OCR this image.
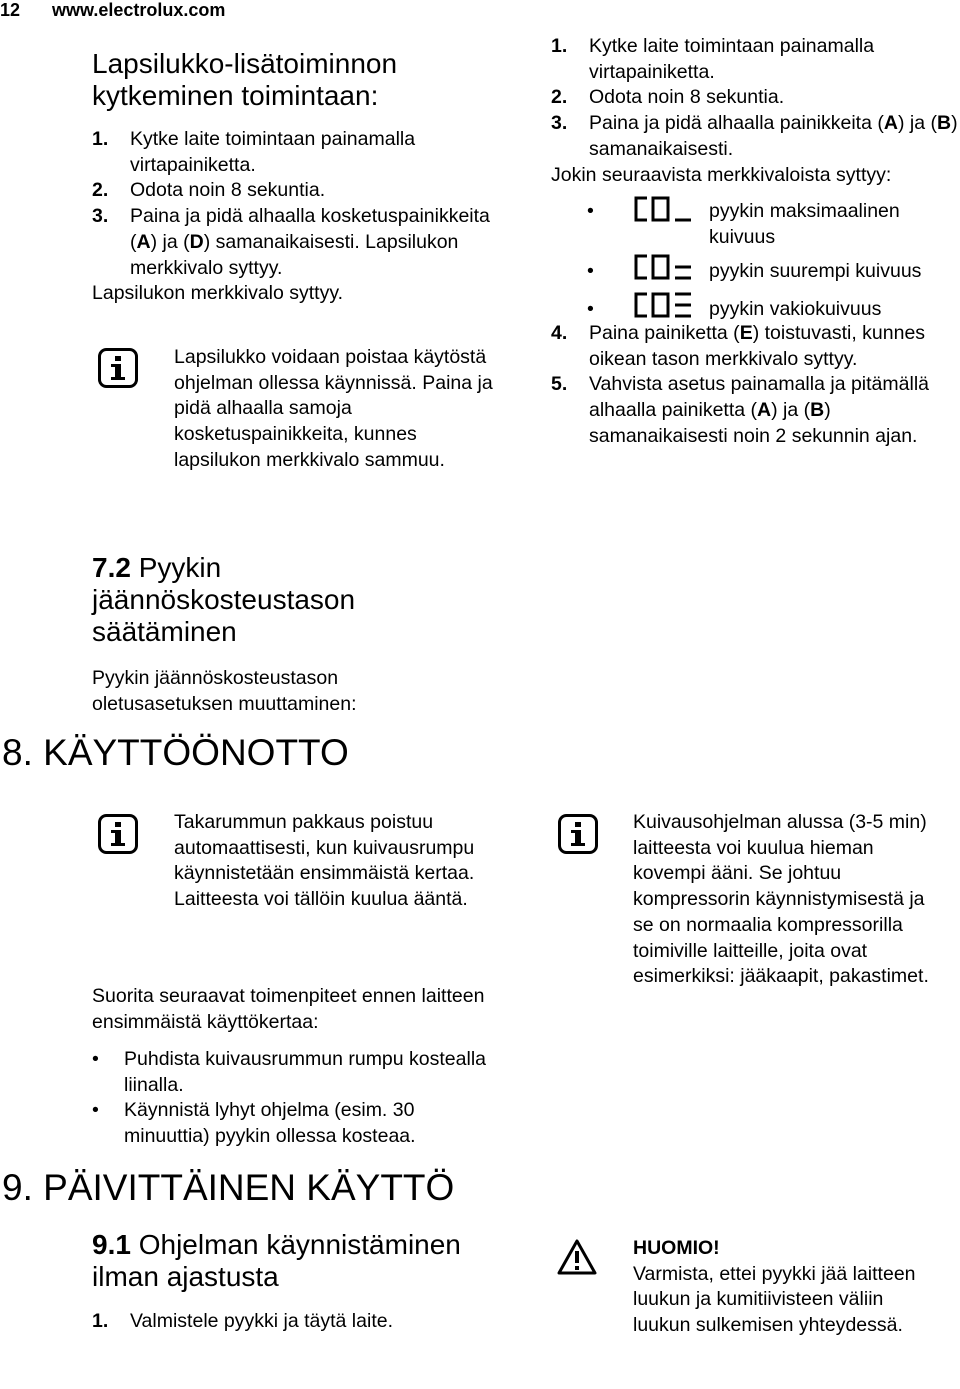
12 www.electrolux.com
Lapsilukko-lisätoiminnon kytkeminen toimintaan:
1. Kytke laite toimintaan painamalla virtapainiketta.
2. Odota noin 8 sekuntia.
3. Paina ja pidä alhaalla kosketuspainikkeita (A) ja (D) samanaikaisesti. Lapsilukon merkkivalo syttyy.
Lapsilukon merkkivalo syttyy.
Lapsilukko voidaan poistaa käytöstä ohjelman ollessa käynnissä. Paina ja pidä alhaalla samoja kosketuspainikkeita, kunnes lapsilukon merkkivalo sammuu.
7.2 Pyykin jäännöskosteustason säätäminen
Pyykin jäännöskosteustason oletusasetuksen muuttaminen:
1. Kytke laite toimintaan painamalla virtapainiketta.
2. Odota noin 8 sekuntia.
3. Paina ja pidä alhaalla painikkeita (A) ja (B) samanaikaisesti.
Jokin seuraavista merkkivaloista syttyy:
•	pyykin maksimaalinen kuivuus
•	pyykin suurempi kuivuus
•	pyykin vakiokuivuus
4. Paina painiketta (E) toistuvasti, kunnes oikean tason merkkivalo syttyy.
5. Vahvista asetus painamalla ja pitämällä alhaalla painiketta (A) ja (B) samanaikaisesti noin 2 sekunnin ajan.
8. KÄYTTÖÖNOTTO
Takarummun pakkaus poistuu automaattisesti, kun kuivausrumpu käynnistetään ensimmäistä kertaa. Laitteesta voi tällöin kuulua ääntä.
Suorita seuraavat toimenpiteet ennen laitteen ensimmäistä käyttökertaa:
• Puhdista kuivausrummun rumpu kostealla liinalla.
• Käynnistä lyhyt ohjelma (esim. 30 minuuttia) pyykin ollessa kosteaa.
Kuivausohjelman alussa (3-5 min) laitteesta voi kuulua hieman kovempi ääni. Se johtuu kompressorin käynnistymisestä ja se on normaalia kompressorilla toimiville laitteille, joita ovat esimerkiksi: jääkaapit, pakastimet.
9. PÄIVITTÄINEN KÄYTTÖ
9.1 Ohjelman käynnistäminen ilman ajastusta
1. Valmistele pyykki ja täytä laite.
HUOMIO!
Varmista, ettei pyykki jää laitteen luukun ja kumitiivisteen väliin luukun sulkemisen yhteydessä.
